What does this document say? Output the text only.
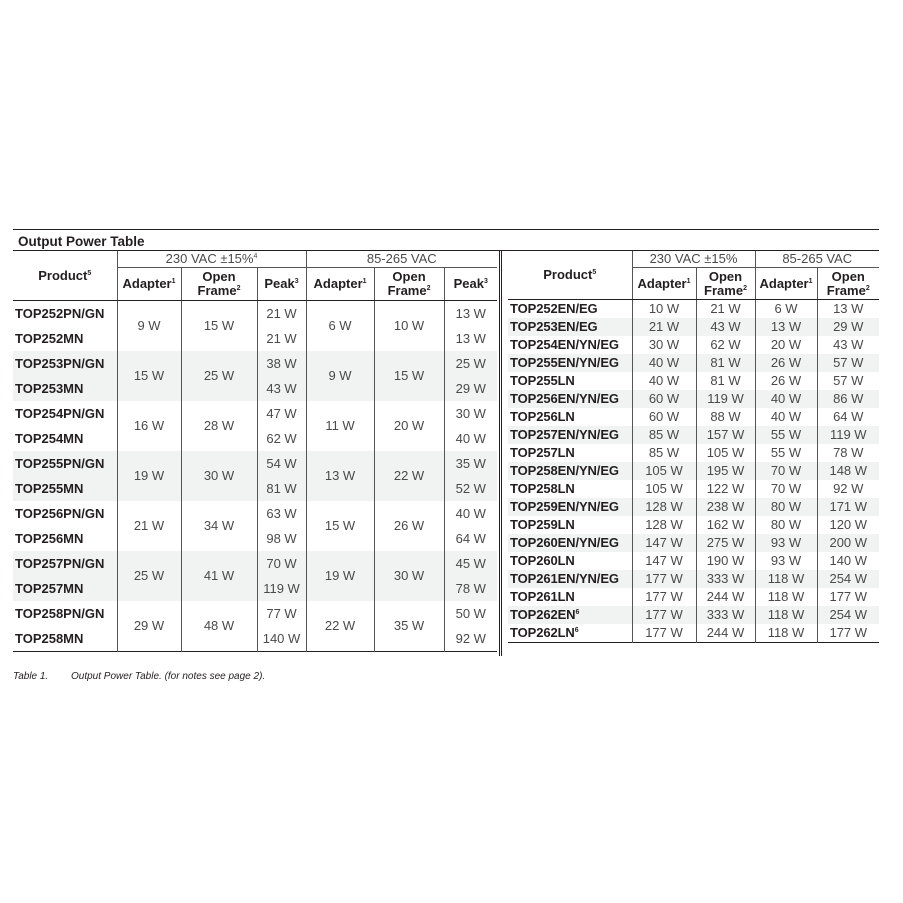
Output Power Table
Product$^5$	230 VAC ±15%$^4$			85-265 VAC		
	Adapter$^1$	Open
Frame$^2$	Peak$^3$	Adapter$^1$	Open
Frame$^2$	Peak$^3$
TOP252PN/GN	9 W	15 W	21 W	6 W	10 W	13 W
TOP252MN			21 W			13 W
TOP253PN/GN	15 W	25 W	38 W	9 W	15 W	25 W
TOP253MN			43 W			29 W
TOP254PN/GN	16 W	28 W	47 W	11 W	20 W	30 W
TOP254MN			62 W			40 W
TOP255PN/GN	19 W	30 W	54 W	13 W	22 W	35 W
TOP255MN			81 W			52 W
TOP256PN/GN	21 W	34 W	63 W	15 W	26 W	40 W
TOP256MN			98 W			64 W
TOP257PN/GN	25 W	41 W	70 W	19 W	30 W	45 W
TOP257MN			119 W			78 W
TOP258PN/GN	29 W	48 W	77 W	22 W	35 W	50 W
TOP258MN			140 W			92 W
Product$^5$	230 VAC ±15%		85-265 VAC	
	Adapter$^1$	Open
Frame$^2$	Adapter$^1$	Open
Frame$^2$
TOP252EN/EG	10 W	21 W	6 W	13 W
TOP253EN/EG	21 W	43 W	13 W	29 W
TOP254EN/YN/EG	30 W	62 W	20 W	43 W
TOP255EN/YN/EG	40 W	81 W	26 W	57 W
TOP255LN	40 W	81 W	26 W	57 W
TOP256EN/YN/EG	60 W	119 W	40 W	86 W
TOP256LN	60 W	88 W	40 W	64 W
TOP257EN/YN/EG	85 W	157 W	55 W	119 W
TOP257LN	85 W	105 W	55 W	78 W
TOP258EN/YN/EG	105 W	195 W	70 W	148 W
TOP258LN	105 W	122 W	70 W	92 W
TOP259EN/YN/EG	128 W	238 W	80 W	171 W
TOP259LN	128 W	162 W	80 W	120 W
TOP260EN/YN/EG	147 W	275 W	93 W	200 W
TOP260LN	147 W	190 W	93 W	140 W
TOP261EN/YN/EG	177 W	333 W	118 W	254 W
TOP261LN	177 W	244 W	118 W	177 W
$TOP262EN^6$	177 W	333 W	118 W	254 W
$TOP262LN^6$	177 W	244 W	118 W	177 W
Table 1. Output Power Table. (for notes see page 2).
